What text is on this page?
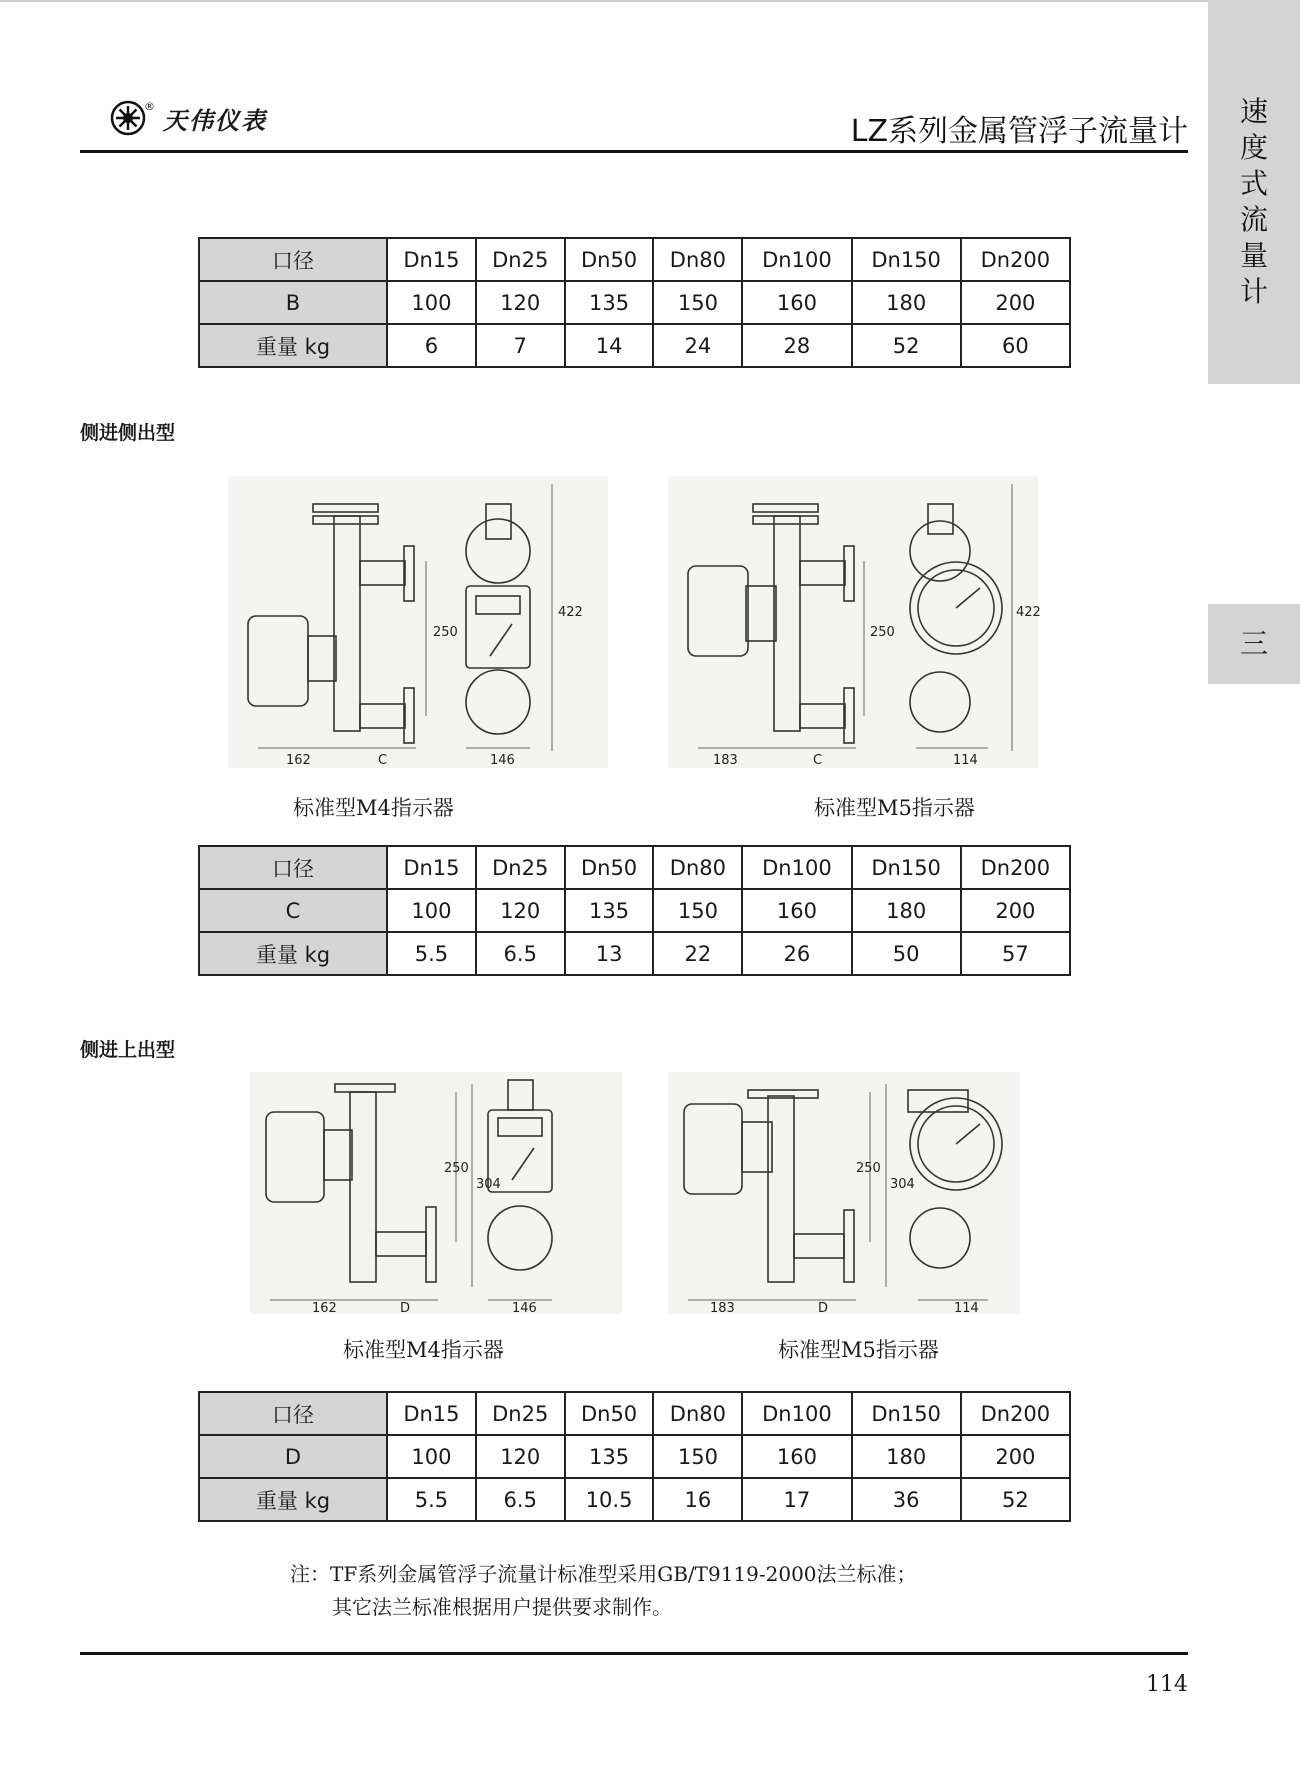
速
度
式
流
量
计
三
® 天伟仪表	LZ系列金属管浮子流量计
口径	Dn15	Dn25	Dn50	Dn80	Dn100	Dn150	Dn200
B	100	120	135	150	160	180	200
重量 kg	6	7	14	24	28	52	60
侧进侧出型
162	C
250
146
422
183	C
250
114
422
标准型M4指示器	标准型M5指示器
口径	Dn15	Dn25	Dn50	Dn80	Dn100	Dn150	Dn200
C	100	120	135	150	160	180	200
重量 kg	5.5	6.5	13	22	26	50	57
侧进上出型
162	D
250
304
146	183	D
250
304
114
标准型M4指示器	标准型M5指示器
口径	Dn15	Dn25	Dn50	Dn80	Dn100	Dn150	Dn200
D	100	120	135	150	160	180	200
重量 kg	5.5	6.5	10.5	16	17	36	52
注：TF系列金属管浮子流量计标准型采用GB/T9119-2000法兰标准；
其它法兰标准根据用户提供要求制作。
114
